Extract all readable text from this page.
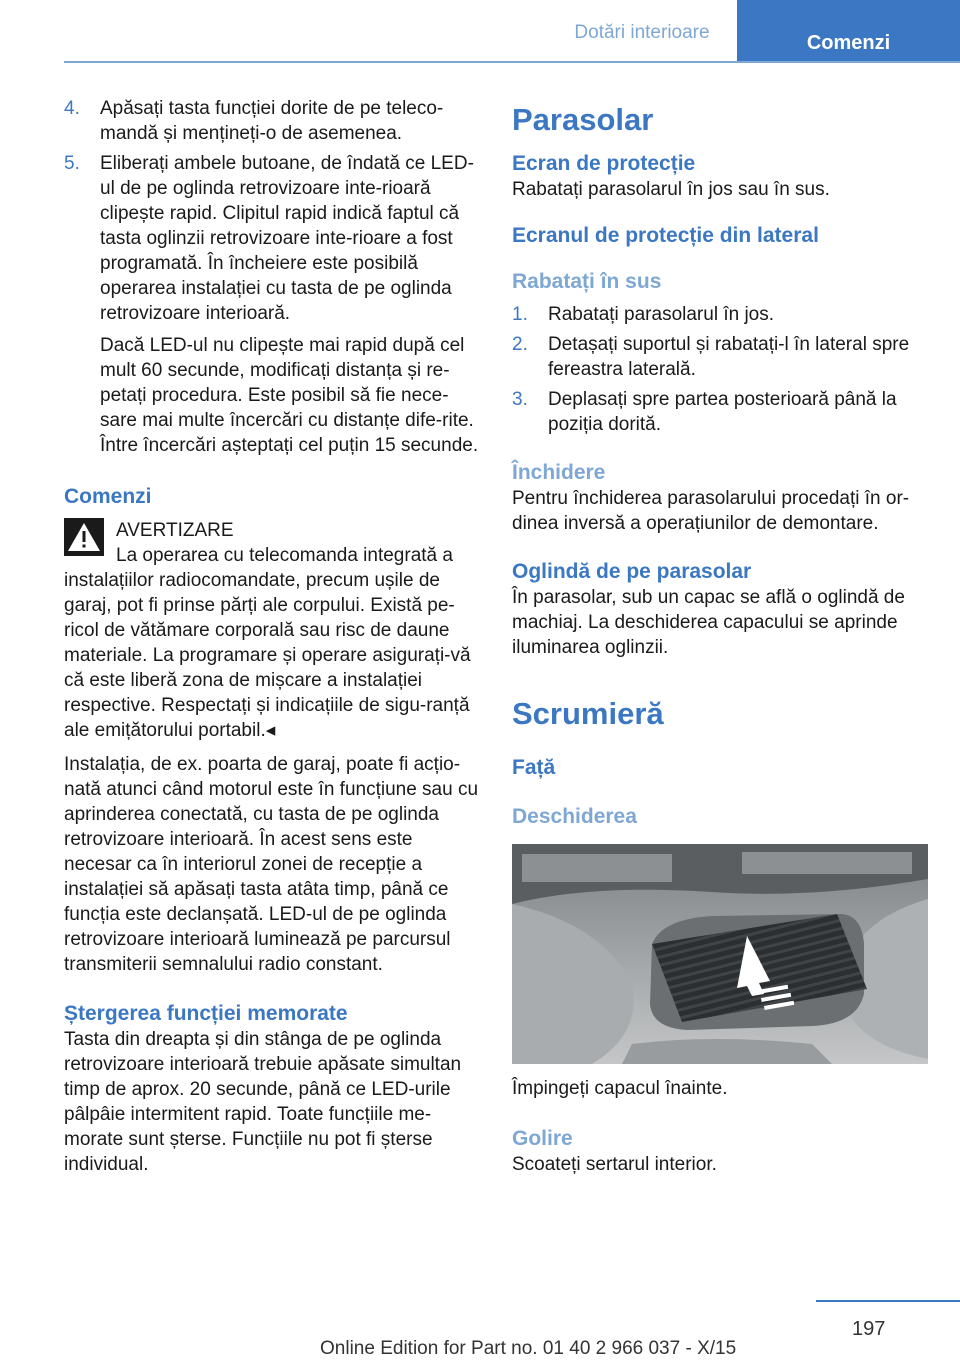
Dotări interioare	Comenzi
4. Apăsați tasta funcției dorite de pe teleco‐mandă și mențineți-o de asemenea.
5. Eliberați ambele butoane, de îndată ce LED-ul de pe oglinda retrovizoare inte‐rioară clipește rapid. Clipitul rapid indică faptul că tasta oglinzii retrovizoare inte‐rioare a fost programată. În încheiere este posibilă operarea instalației cu tasta de pe oglinda retrovizoare interioară.

Dacă LED-ul nu clipește mai rapid după cel mult 60 secunde, modificați distanța și re‐petați procedura. Este posibil să fie nece‐sare mai multe încercări cu distanțe dife‐rite. Între încercări așteptați cel puțin 15 secunde.

Comenzi

AVERTIZARE

La operarea cu telecomanda integrată a

instalațiilor radiocomandate, precum ușile de garaj, pot fi prinse părți ale corpului. Există pe‐ricol de vătămare corporală sau risc de daune materiale. La programare și operare asigurați-vă că este liberă zona de mișcare a instalației respective. Respectați și indicațiile de sigu‐ranță ale emițătorului portabil.◂

Instalația, de ex. poarta de garaj, poate fi acțio‐nată atunci când motorul este în funcțiune sau cu aprinderea conectată, cu tasta de pe oglinda retrovizoare interioară. În acest sens este necesar ca în interiorul zonei de recepție a instalației să apăsați tasta atâta timp, până ce funcția este declanșată. LED-ul de pe oglinda retrovizoare interioară luminează pe parcursul transmiterii semnalului radio constant.

Ștergerea funcției memorate

Tasta din dreapta și din stânga de pe oglinda retrovizoare interioară trebuie apăsate simultan timp de aprox. 20 secunde, până ce LED-urile pâlpâie intermitent rapid. Toate funcțiile me‐morate sunt șterse. Funcțiile nu pot fi șterse individual.

Parasolar
Ecran de protecție

Rabatați parasolarul în jos sau în sus.

Ecranul de protecție din lateral
Rabatați în sus
1. Rabatați parasolarul în jos.
2. Detașați suportul și rabatați-l în lateral spre fereastra laterală.
3. Deplasați spre partea posterioară până la poziția dorită.
Închidere

Pentru închiderea parasolarului procedați în or‐dinea inversă a operațiunilor de demontare.

Oglindă de pe parasolar

În parasolar, sub un capac se află o oglindă de machiaj. La deschiderea capacului se aprinde iluminarea oglinzii.

Scrumieră
Față
Deschiderea

Împingeți capacul înainte.

Golire

Scoateți sertarul interior.

197
Online Edition for Part no. 01 40 2 966 037 - X/15
